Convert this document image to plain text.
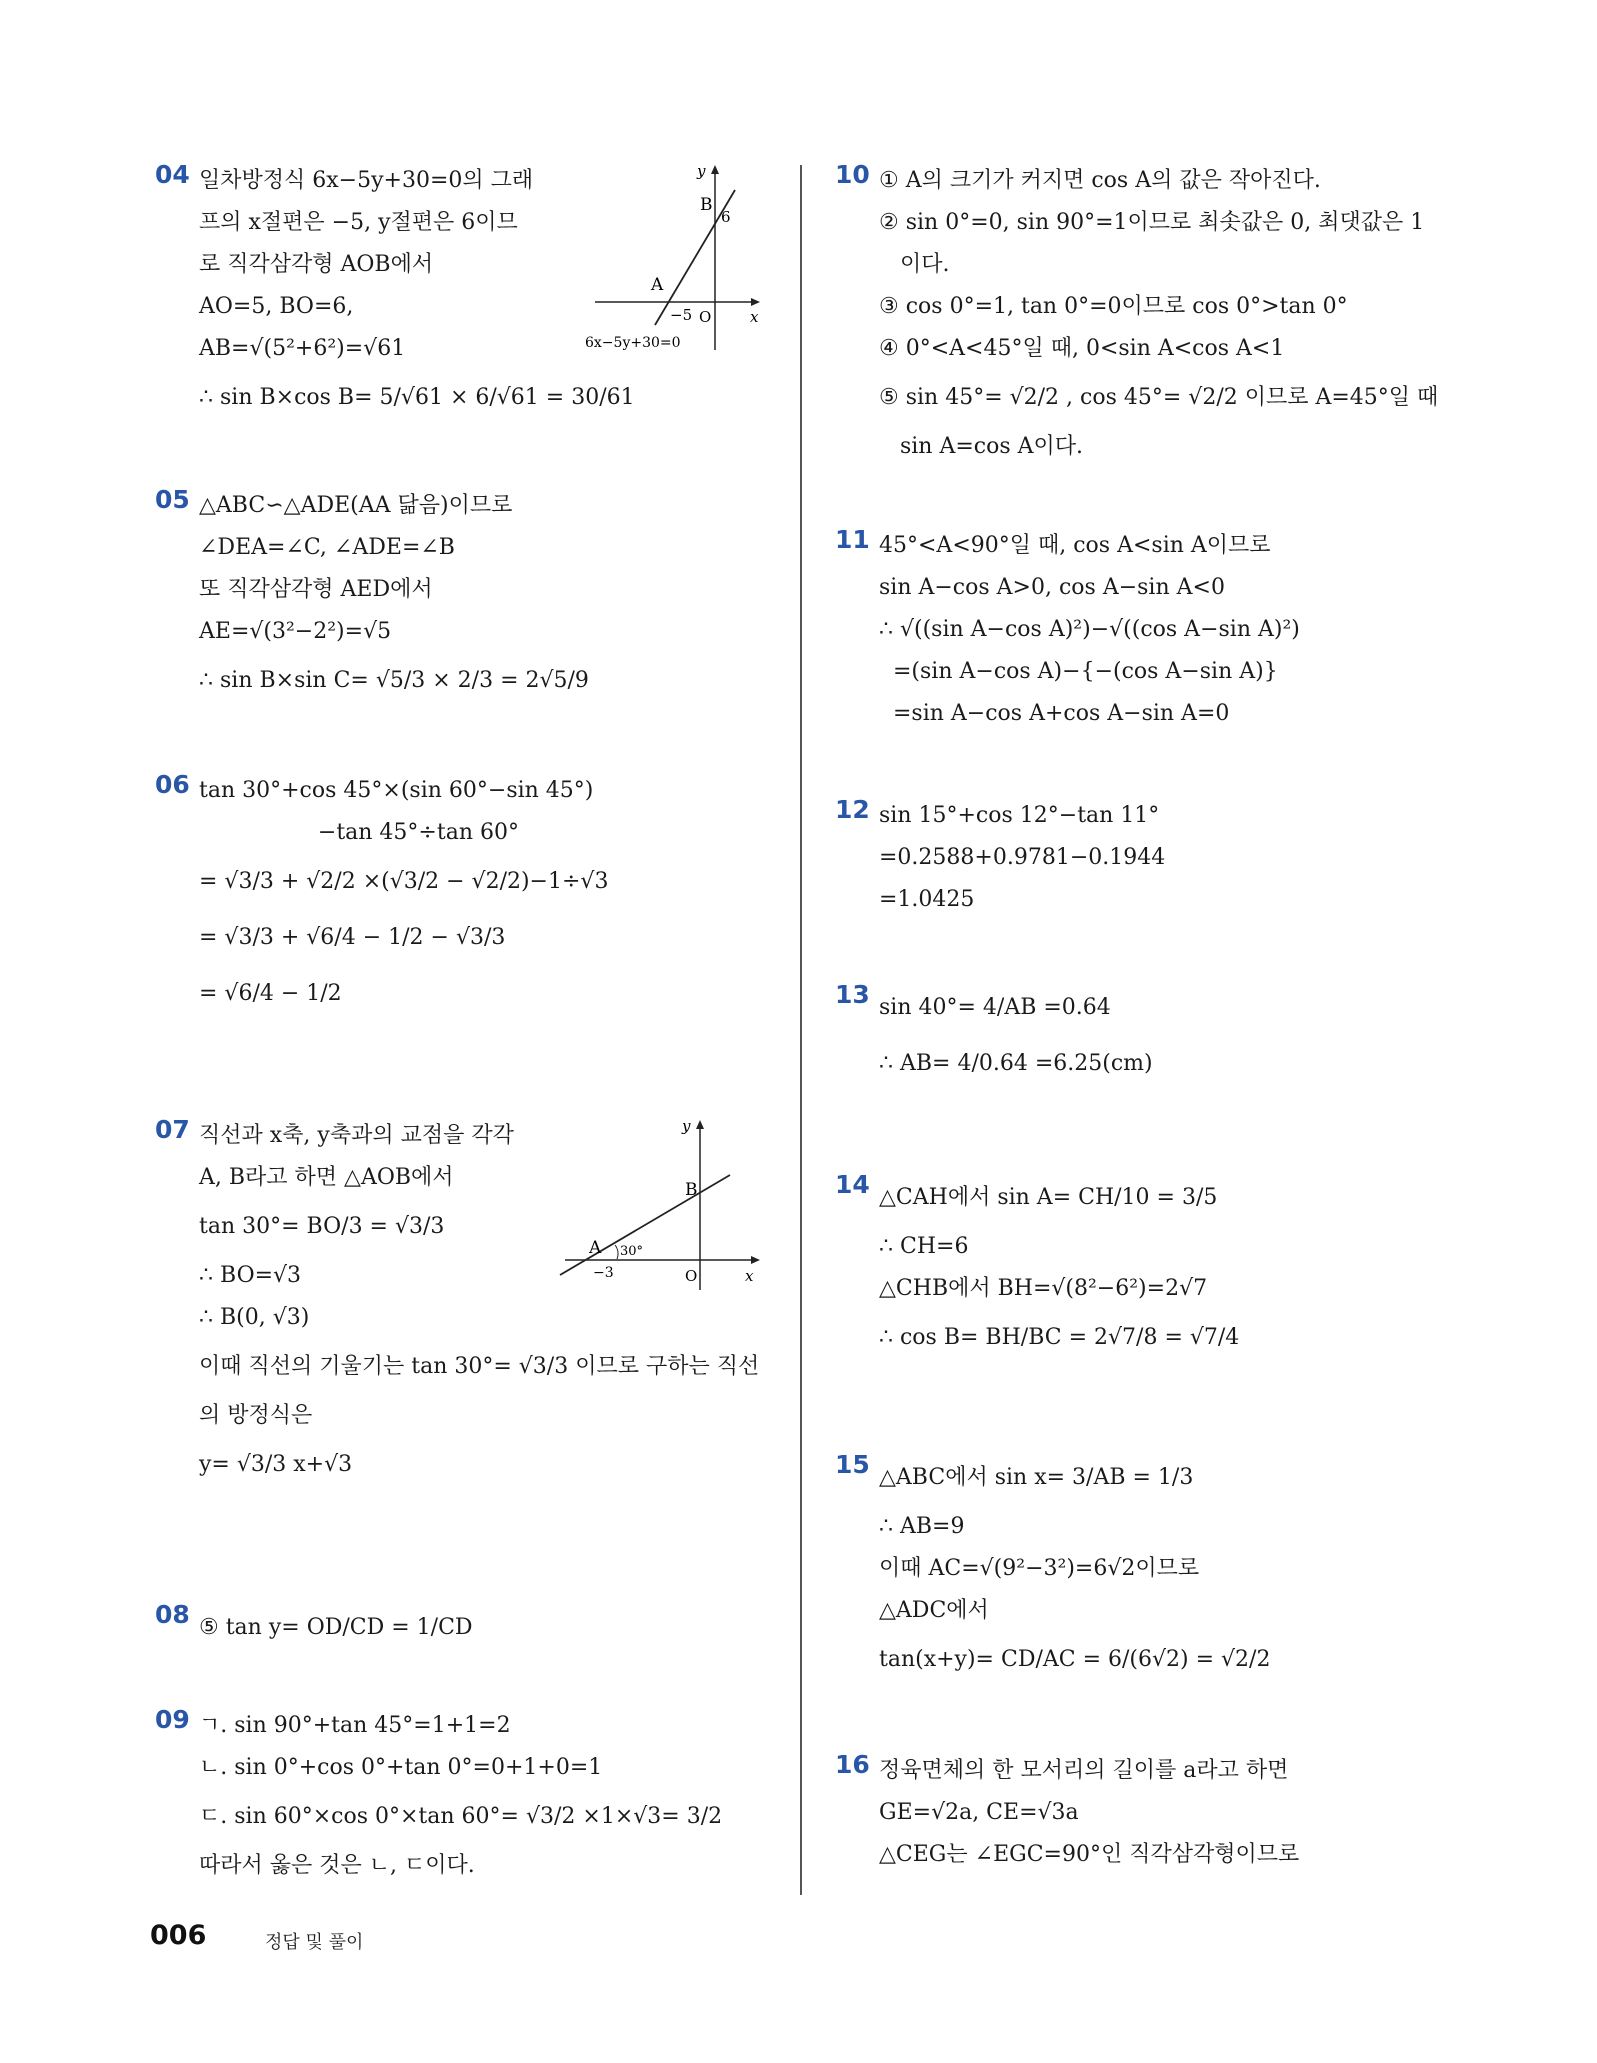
04 일차방정식 6x−5y+30=0의 그래
프의 x절편은 −5, y절편은 6이므
로 직각삼각형 AOB에서
AO=5, BO=6,
AB=√(5²+6²)=√61
∴ sin B×cos B= 5/√61 × 6/√61 = 30/61
y
x
B
6
A
−5 O
6x−5y+30=0
05 △ABC∽△ADE(AA 닮음)이므로
∠DEA=∠C, ∠ADE=∠B
또 직각삼각형 AED에서
AE=√(3²−2²)=√5
∴ sin B×sin C= √5/3 × 2/3 = 2√5/9
06 tan 30°+cos 45°×(sin 60°−sin 45°)
−tan 45°÷tan 60°
= √3/3 + √2/2 ×(√3/2 − √2/2)−1÷√3
= √3/3 + √6/4 − 1/2 − √3/3
= √6/4 − 1/2
07 직선과 x축, y축과의 교점을 각각
A, B라고 하면 △AOB에서
tan 30°= BO/3 = √3/3
∴ BO=√3
∴ B(0, √3)
이때 직선의 기울기는 tan 30°= √3/3 이므로 구하는 직선
의 방정식은
y= √3/3 x+√3
y
x
B
A 30°
−3	O
08 ⑤ tan y= OD/CD = 1/CD
09 ㄱ. sin 90°+tan 45°=1+1=2
ㄴ. sin 0°+cos 0°+tan 0°=0+1+0=1
ㄷ. sin 60°×cos 0°×tan 60°= √3/2 ×1×√3= 3/2
따라서 옳은 것은 ㄴ, ㄷ이다.
10 ① A의 크기가 커지면 cos A의 값은 작아진다.
② sin 0°=0, sin 90°=1이므로 최솟값은 0, 최댓값은 1
이다.
③ cos 0°=1, tan 0°=0이므로 cos 0°>tan 0°
④ 0°<A<45°일 때, 0<sin A<cos A<1
⑤ sin 45°= √2/2 , cos 45°= √2/2 이므로 A=45°일 때
sin A=cos A이다.
11 45°<A<90°일 때, cos A<sin A이므로
sin A−cos A>0, cos A−sin A<0
∴ √((sin A−cos A)²)−√((cos A−sin A)²)
=(sin A−cos A)−{−(cos A−sin A)}
=sin A−cos A+cos A−sin A=0
12 sin 15°+cos 12°−tan 11°
=0.2588+0.9781−0.1944
=1.0425
13 sin 40°= 4/AB =0.64
∴ AB= 4/0.64 =6.25(cm)
14 △CAH에서 sin A= CH/10 = 3/5
∴ CH=6
△CHB에서 BH=√(8²−6²)=2√7
∴ cos B= BH/BC = 2√7/8 = √7/4
15 △ABC에서 sin x= 3/AB = 1/3
∴ AB=9
이때 AC=√(9²−3²)=6√2이므로
△ADC에서
tan(x+y)= CD/AC = 6/(6√2) = √2/2
16 정육면체의 한 모서리의 길이를 a라고 하면
GE=√2a, CE=√3a
△CEG는 ∠EGC=90°인 직각삼각형이므로
006	정답 및 풀이
